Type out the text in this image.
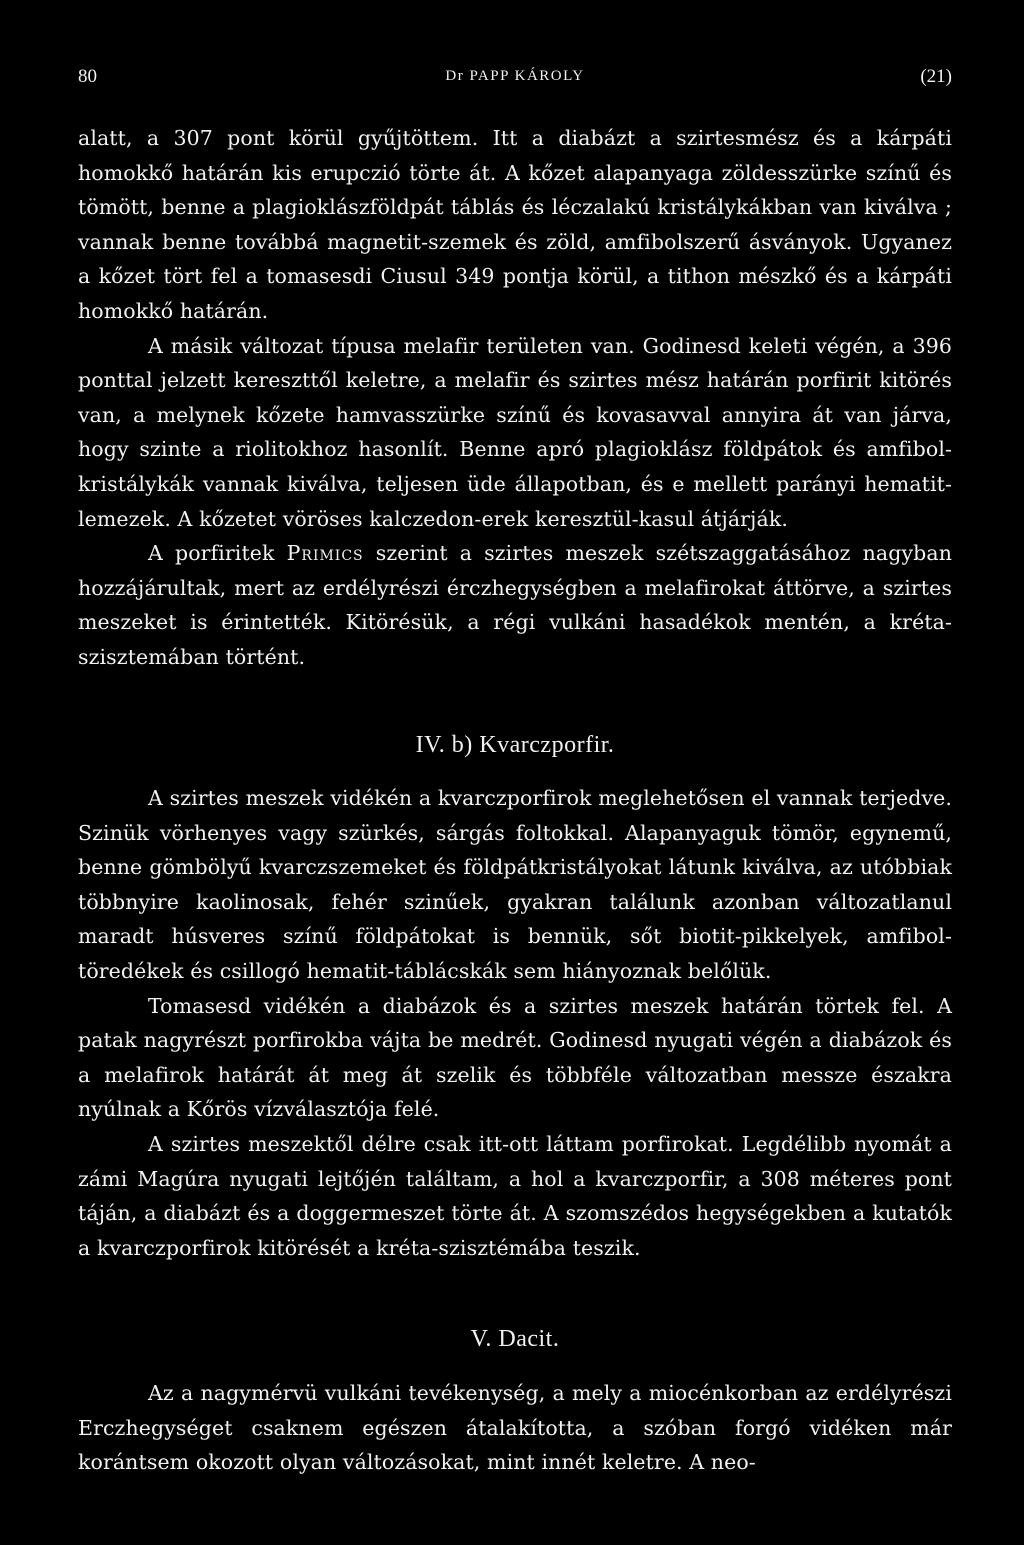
80	Dr PAPP KÁROLY	(21)

alatt, a 307 pont körül gyűjtöttem. Itt a diabázt a szirtesmész és a kárpáti homokkő határán kis erupczió törte át. A kőzet alapanyaga zöldesszürke színű és tömött, benne a plagioklászföldpát táblás és léczalakú kristálykákban van kiválva ; vannak benne továbbá magnetit-szemek és zöld, amfibolszerű ásványok. Ugyanez a kőzet tört fel a tomasesdi Ciusul 349 pontja körül, a tithon mészkő és a kárpáti homokkő határán.

A másik változat típusa melafir területen van. Godinesd keleti végén, a 396 ponttal jelzett kereszttől keletre, a melafir és szirtes mész határán porfirit kitörés van, a melynek kőzete hamvasszürke színű és kovasavval annyira át van járva, hogy szinte a riolitokhoz hasonlít. Benne apró plagioklász földpátok és amfibol-kristálykák vannak kiválva, teljesen üde állapotban, és e mellett parányi hematit-lemezek. A kőzetet vöröses kalczedon-erek keresztül-kasul átjárják.

A porfiritek Primics szerint a szirtes meszek szétszaggatásához nagyban hozzájárultak, mert az erdélyrészi érczhegységben a melafirokat áttörve, a szirtes meszeket is érintették. Kitörésük, a régi vulkáni hasadékok mentén, a kréta-szisztemában történt.

IV. b) Kvarczporfir.

A szirtes meszek vidékén a kvarczporfirok meglehetősen el vannak terjedve. Szinük vörhenyes vagy szürkés, sárgás foltokkal. Alapanyaguk tömör, egynemű, benne gömbölyű kvarczszemeket és földpátkristályokat látunk kiválva, az utóbbiak többnyire kaolinosak, fehér szinűek, gyakran találunk azonban változatlanul maradt húsveres színű földpátokat is bennük, sőt biotit-pikkelyek, amfibol-töredékek és csillogó hematit-táblácskák sem hiányoznak belőlük.

Tomasesd vidékén a diabázok és a szirtes meszek határán törtek fel. A patak nagyrészt porfirokba vájta be medrét. Godinesd nyugati végén a diabázok és a melafirok határát át meg át szelik és többféle változatban messze északra nyúlnak a Kőrös vízválasztója felé.

A szirtes meszektől délre csak itt-ott láttam porfirokat. Legdélibb nyomát a zámi Magúra nyugati lejtőjén találtam, a hol a kvarczporfir, a 308 méteres pont táján, a diabázt és a doggermeszet törte át. A szomszédos hegységekben a kutatók a kvarczporfirok kitörését a kréta-szisztémába teszik.

V. Dacit.

Az a nagymérvü vulkáni tevékenység, a mely a miocénkorban az erdélyrészi Erczhegységet csaknem egészen átalakította, a szóban forgó vidéken már korántsem okozott olyan változásokat, mint innét keletre. A neo-
